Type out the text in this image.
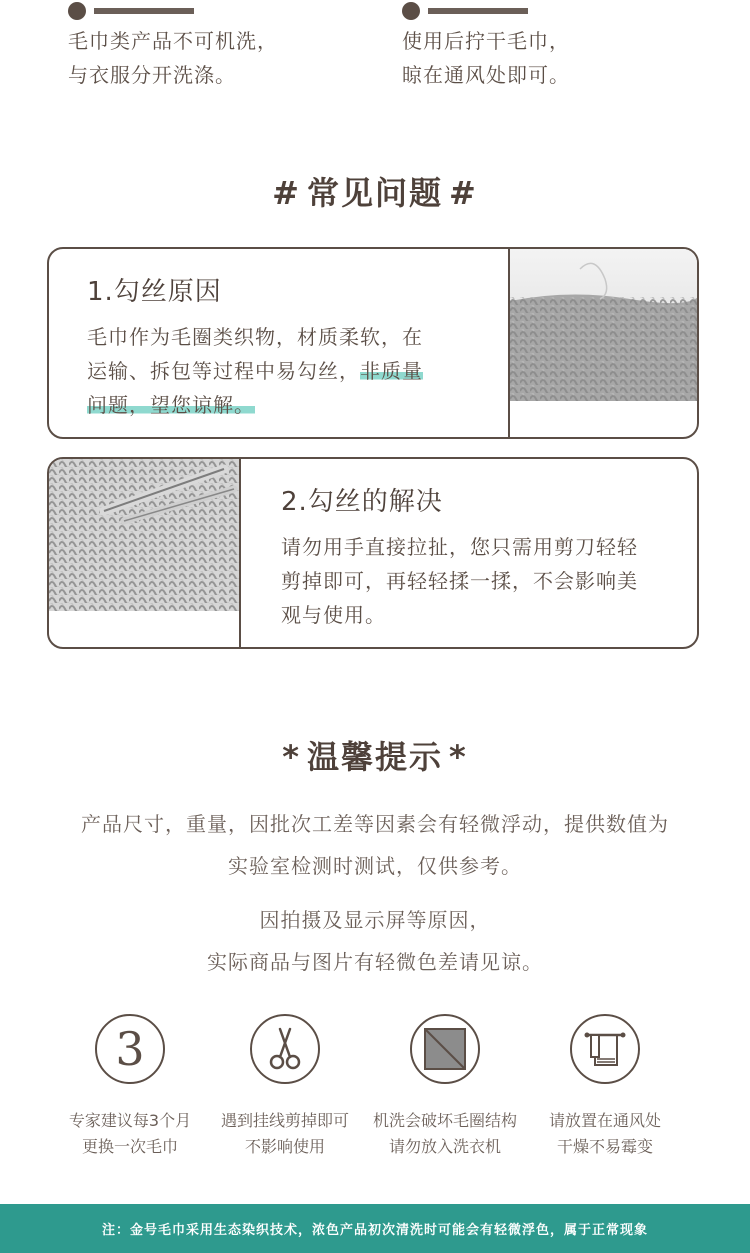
毛巾类产品不可机洗，
与衣服分开洗涤。
使用后拧干毛巾，
晾在通风处即可。
# 常见问题 #
1.勾丝原因

毛巾作为毛圈类织物，材质柔软，在
运输、拆包等过程中易勾丝，非质量
问题，望您谅解。

2.勾丝的解决

请勿用手直接拉扯，您只需用剪刀轻轻
剪掉即可，再轻轻揉一揉，不会影响美
观与使用。

* 温馨提示 *
产品尺寸，重量，因批次工差等因素会有轻微浮动，提供数值为
实验室检测时测试，仅供参考。
因拍摄及显示屏等原因，
实际商品与图片有轻微色差请见谅。
3
专家建议每3个月
更换一次毛巾
遇到挂线剪掉即可
不影响使用
机洗会破坏毛圈结构
请勿放入洗衣机
请放置在通风处
干燥不易霉变
注：金号毛巾采用生态染织技术，浓色产品初次清洗时可能会有轻微浮色，属于正常现象
